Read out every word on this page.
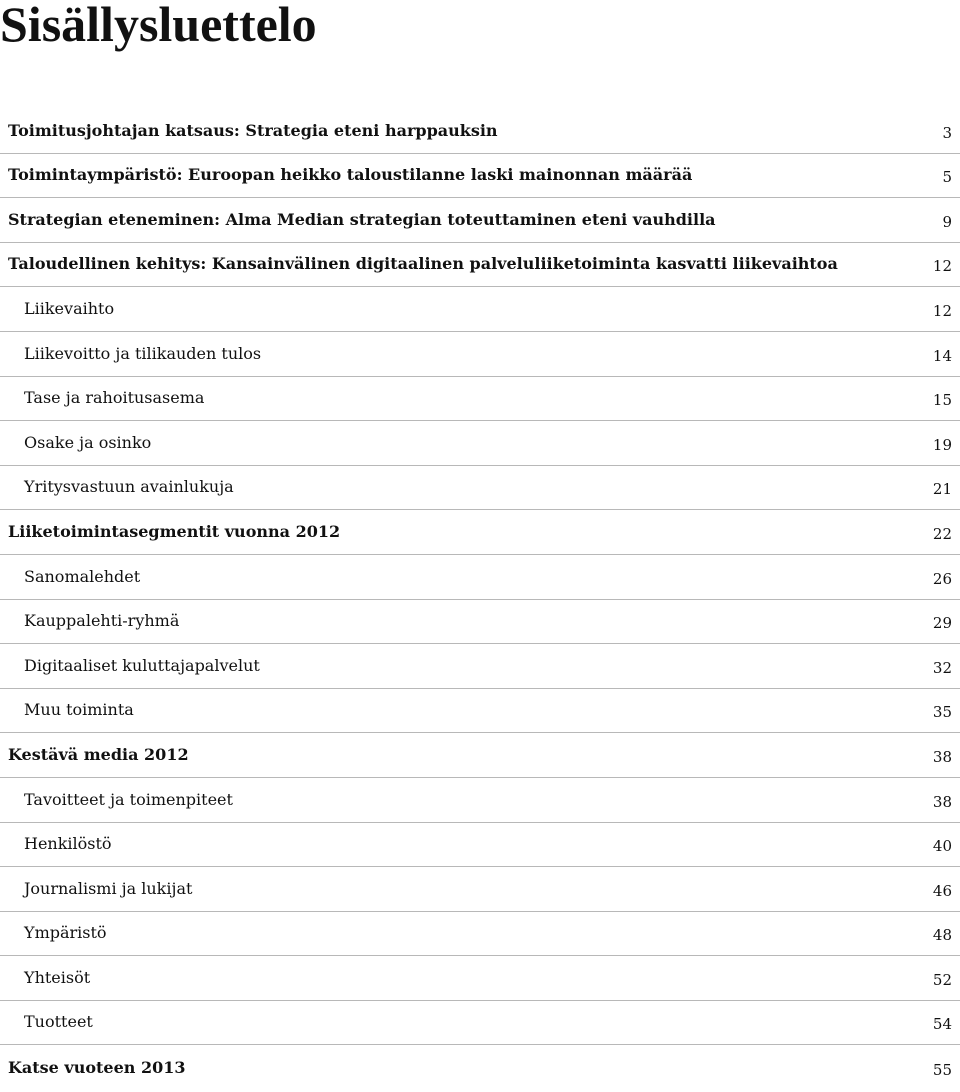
Sisällysluettelo
Toimitusjohtajan katsaus: Strategia eteni harppauksin	3
Toimintaympäristö: Euroopan heikko taloustilanne laski mainonnan määrää	5
Strategian eteneminen: Alma Median strategian toteuttaminen eteni vauhdilla	9
Taloudellinen kehitys: Kansainvälinen digitaalinen palveluliiketoiminta kasvatti liikevaihtoa	12
Liikevaihto	12
Liikevoitto ja tilikauden tulos	14
Tase ja rahoitusasema	15
Osake ja osinko	19
Yritysvastuun avainlukuja	21
Liiketoimintasegmentit vuonna 2012	22
Sanomalehdet	26
Kauppalehti-ryhmä	29
Digitaaliset kuluttajapalvelut	32
Muu toiminta	35
Kestävä media 2012	38
Tavoitteet ja toimenpiteet	38
Henkilöstö	40
Journalismi ja lukijat	46
Ympäristö	48
Yhteisöt	52
Tuotteet	54
Katse vuoteen 2013	55
